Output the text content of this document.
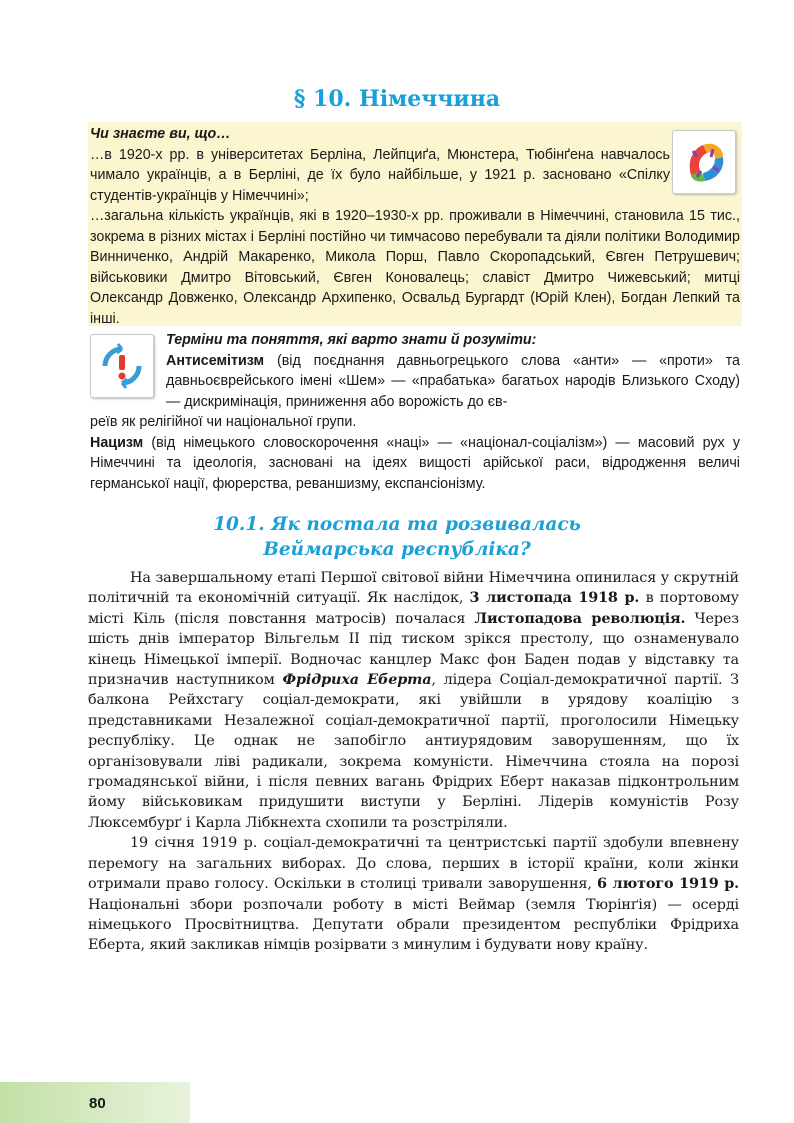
§ 10. Німеччина

Чи знаєте ви, що…

…в 1920-х рр. в університетах Берліна, Лейпциґа, Мюнстера, Тюбінґена навчалось чимало українців, а в Берліні, де їх було найбільше, у 1921 р. засновано «Спілку студентів-українців у Німеччині»;

…загальна кількість українців, які в 1920–1930-х рр. проживали в Німеччині, становила 15 тис., зокрема в різних містах і Берліні постійно чи тимчасово перебували та діяли політики Володимир Винниченко, Андрій Макаренко, Микола Порш, Павло Скоропадський, Євген Петрушевич; військовики Дмитро Вітовський, Євген Коновалець; славіст Дмитро Чижевський; митці Олександр Довженко, Олександр Архипенко, Освальд Бургардт (Юрій Клен), Богдан Лепкий та інші.

Терміни та поняття, які варто знати й розуміти:

Антисемітизм (від поєднання давньогрецького слова «анти» — «проти» та давньоєврейського імені «Шем» — «прабатька» багатьох народів Близького Сходу) — дискримінація, приниження або ворожість до єв-

реїв як релігійної чи національної групи.

Нацизм (від німецького словоскорочення «наці» — «націонал-соціалізм») — масовий рух у Німеччині та ідеологія, засновані на ідеях вищості арійської раси, відродження величі германської нації, фюрерства, реваншизму, експансіонізму.

10.1. Як постала та розвивалась
Веймарська республіка?

На завершальному етапі Першої світової війни Німеччина опинилася у скрутній політичній та економічній ситуації. Як наслідок, 3 листопада 1918 р. в портовому місті Кіль (після повстання матросів) почалася Листопадова революція. Через шість днів імператор Вільгельм II під тиском зрікся престолу, що ознаменувало кінець Німецької імперії. Водночас канцлер Макс фон Баден подав у відставку та призначив наступником Фрідриха Еберта, лідера Соціал-демократичної партії. З балкона Рейхстагу соціал-демократи, які увійшли в урядову коаліцію з представниками Незалежної соціал-демократичної партії, проголосили Німецьку республіку. Це однак не запобігло антиурядовим заворушенням, що їх організовували ліві радикали, зокрема комуністи. Німеччина стояла на порозі громадянської війни, і після певних вагань Фрідрих Еберт наказав підконтрольним йому військовикам придушити виступи у Берліні. Лідерів комуністів Розу Люксембурґ і Карла Лібкнехта схопили та розстріляли.

19 січня 1919 р. соціал-демократичні та центристські партії здобули впевнену перемогу на загальних виборах. До слова, перших в історії країни, коли жінки отримали право голосу. Оскільки в столиці тривали заворушення, 6 лютого 1919 р. Національні збори розпочали роботу в місті Веймар (земля Тюрінґія) — осерді німецького Просвітництва. Депутати обрали президентом республіки Фрідриха Еберта, який закликав німців розірвати з минулим і будувати нову країну.

80
